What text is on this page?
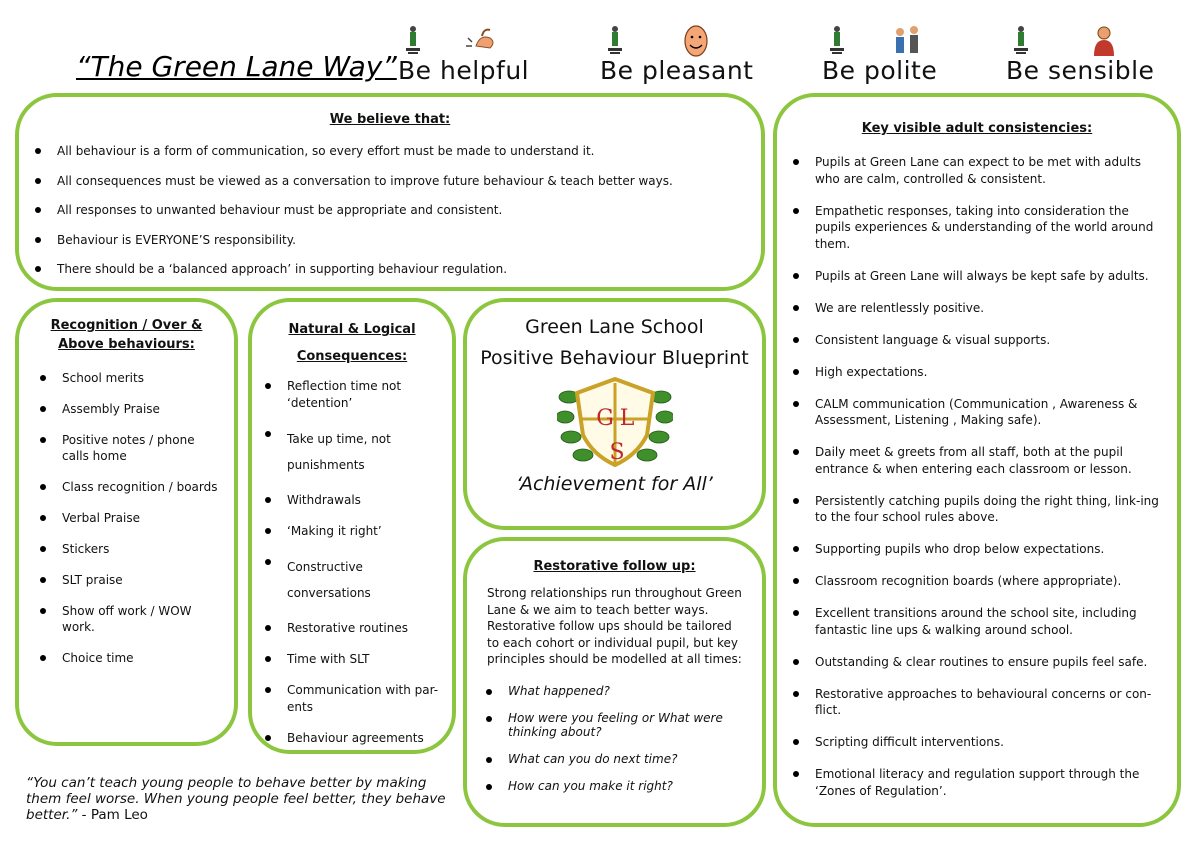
“The Green Lane Way” Be helpful	Be pleasant	Be polite	Be sensible
We believe that:
All behaviour is a form of communication, so every effort must be made to understand it.
All consequences must be viewed as a conversation to improve future behaviour & teach better ways.
All responses to unwanted behaviour must be appropriate and consistent.
Behaviour is EVERYONE’S responsibility.
There should be a ‘balanced approach’ in supporting behaviour regulation.
Recognition / Over & Above behaviours:
School merits
Assembly Praise
Positive notes / phone calls home
Class recognition / boards
Verbal Praise
Stickers
SLT praise
Show off work / WOW work.
Choice time
Natural & Logical Consequences:
Reflection time not ‘detention’
Take up time, not punishments
Withdrawals
‘Making it right’
Constructive conversations
Restorative routines
Time with SLT
Communication with par-ents
Behaviour agreements
Green Lane School
Positive Behaviour Blueprint
G L
S
‘Achievement for All’
Restorative follow up:
Strong relationships run throughout Green Lane & we aim to teach better ways. Restorative follow ups should be tailored to each cohort or individual pupil, but key principles should be modelled at all times:
What happened?
How were you feeling or What were thinking about?
What can you do next time?
How can you make it right?
Key visible adult consistencies:
Pupils at Green Lane can expect to be met with adults who are calm, controlled & consistent.
Empathetic responses, taking into consideration the pupils experiences & understanding of the world around them.
Pupils at Green Lane will always be kept safe by adults.
We are relentlessly positive.
Consistent language & visual supports.
High expectations.
CALM communication (Communication , Awareness & Assessment, Listening , Making safe).
Daily meet & greets from all staff, both at the pupil entrance & when entering each classroom or lesson.
Persistently catching pupils doing the right thing, link-ing to the four school rules above.
Supporting pupils who drop below expectations.
Classroom recognition boards (where appropriate).
Excellent transitions around the school site, including fantastic line ups & walking around school.
Outstanding & clear routines to ensure pupils feel safe.
Restorative approaches to behavioural concerns or con-flict.
Scripting difficult interventions.
Emotional literacy and regulation support through the ‘Zones of Regulation’.
“You can’t teach young people to behave better by making them feel worse. When young people feel better, they behave better.” - Pam Leo
